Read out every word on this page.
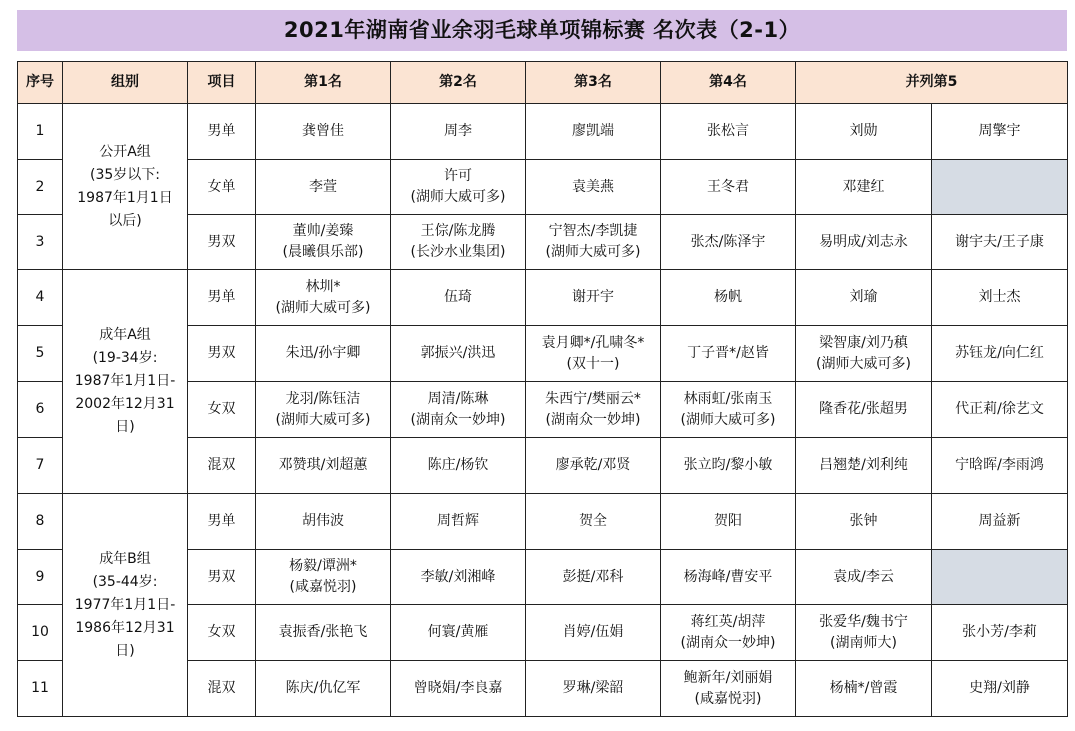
2021年湖南省业余羽毛球单项锦标赛 名次表（2-1）
序号	组别	项目	第1名	第2名	第3名	第4名	并列第5	
1	公开A组
(35岁以下:
1987年1月1日
以后)	男单	龚曾佳	周李	廖凯端	张松言	刘勋	周擎宇

2		女单	李萱	许可
(湖师大威可多)	袁美燕	王冬君	邓建红	

3		男双	董帅/姜臻
(晨曦俱乐部)	王倧/陈龙腾
(长沙水业集团)	宁智杰/李凯捷
(湖师大威可多)	张杰/陈泽宇	易明成/刘志永	谢宇夫/王子康

4	成年A组
(19-34岁:
1987年1月1日-
2002年12月31
日)	男单	林圳*
(湖师大威可多)	伍琦	谢开宇	杨帆	刘瑜	刘士杰

5		男双	朱迅/孙宇卿	郭振兴/洪迅	袁月卿*/孔啸冬*
(双十一)	丁子晋*/赵皆	梁智康/刘乃稹
(湖师大威可多)	苏钰龙/向仁红

6		女双	龙羽/陈钰洁
(湖师大威可多)	周清/陈琳
(湖南众一妙坤)	朱西宁/樊丽云*
(湖南众一妙坤)	林雨虹/张南玉
(湖师大威可多)	隆香花/张超男	代正莉/徐艺文

7		混双	邓赞琪/刘超蕙	陈庄/杨钦	廖承乾/邓贤	张立昀/黎小敏	吕翘楚/刘利纯	宁晗晖/李雨鸿

8	成年B组
(35-44岁:
1977年1月1日-
1986年12月31
日)	男单	胡伟波	周哲辉	贺全	贺阳	张钟	周益新

9		男双	杨毅/谭洲*
(咸嘉悦羽)	李敏/刘湘峰	彭挺/邓科	杨海峰/曹安平	袁成/李云	

10		女双	袁振香/张艳飞	何寰/黄雁	肖婷/伍娟	蒋红英/胡萍
(湖南众一妙坤)	张爱华/魏书宁
(湖南师大)	张小芳/李莉

11		混双	陈庆/仇亿军	曾晓娟/李良嘉	罗琳/梁韶	鲍新年/刘丽娟
(咸嘉悦羽)	杨楠*/曾霞	史翔/刘静
